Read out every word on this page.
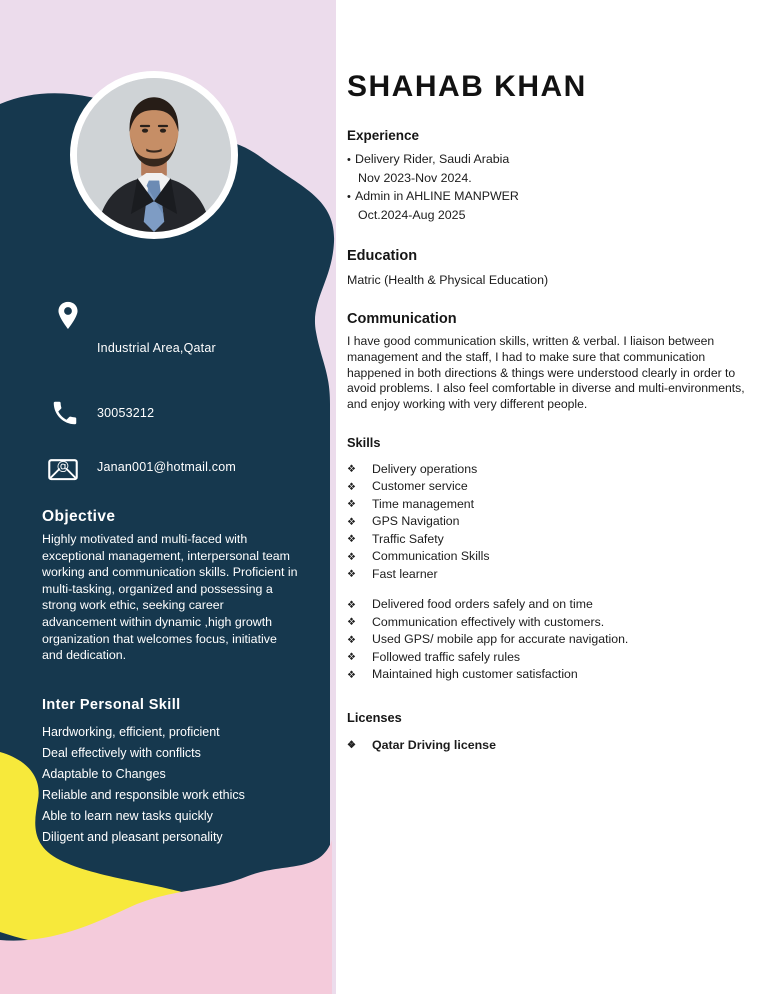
Industrial Area,Qatar
30053212
@ Janan001@hotmail.com
Objective
Highly motivated and multi-faced with exceptional management, interpersonal team working and communication skills. Proficient in multi-tasking, organized and possessing a strong work ethic, seeking career advancement within dynamic ,high growth organization that welcomes focus, initiative and dedication.
Inter Personal Skill
Hardworking, efficient, proficient
Deal effectively with conflicts
Adaptable to Changes
Reliable and responsible work ethics
Able to learn new tasks quickly
Diligent and pleasant personality
SHAHAB KHAN
Experience
• Delivery Rider, Saudi Arabia
Nov 2023-Nov 2024.
• Admin in AHLINE MANPWER
Oct.2024-Aug 2025
Education
Matric (Health & Physical Education)
Communication
I have good communication skills, written & verbal. I liaison between management and the staff, I had to make sure that communication happened in both directions & things were understood clearly in order to avoid problems. I also feel comfortable in diverse and multi-environments, and enjoy working with very different people.
Skills
❖ Delivery operations
❖ Customer service
❖ Time management
❖ GPS Navigation
❖ Traffic Safety
❖ Communication Skills
❖ Fast learner
❖ Delivered food orders safely and on time
❖ Communication effectively with customers.
❖ Used GPS/ mobile app for accurate navigation.
❖ Followed traffic safely rules
❖ Maintained high customer satisfaction
Licenses
❖ Qatar Driving license
